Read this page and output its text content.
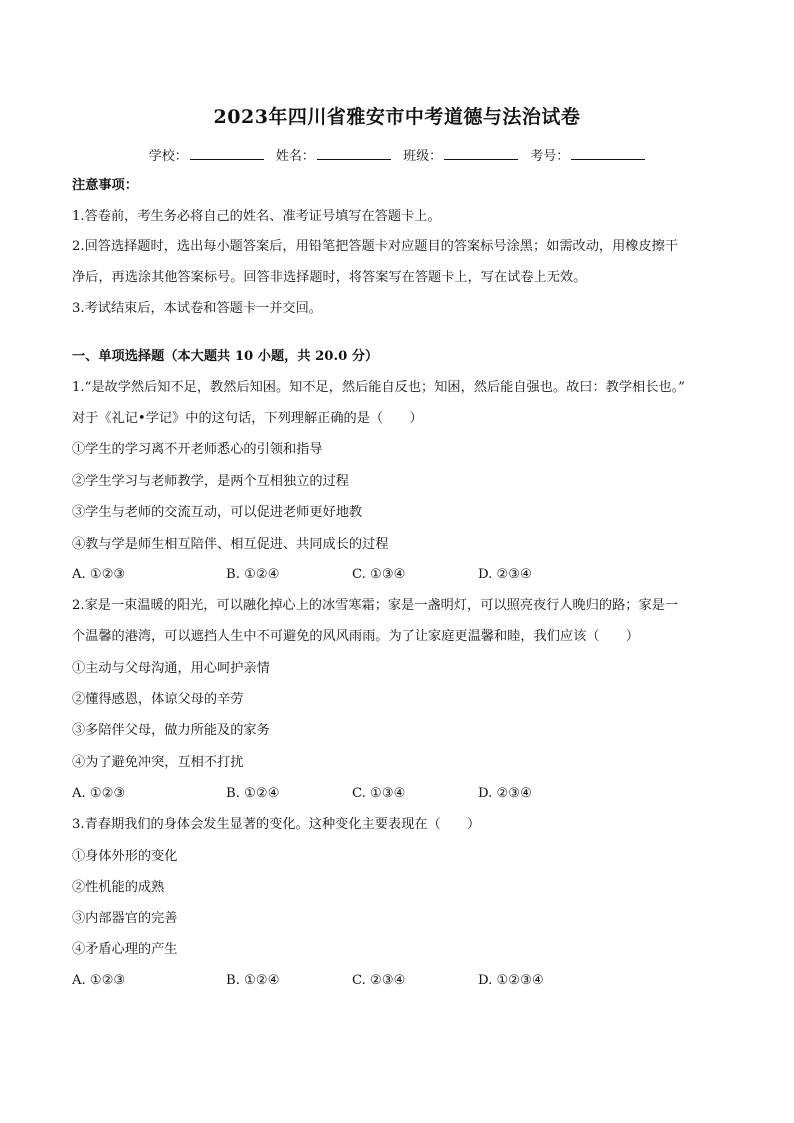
2023年四川省雅安市中考道德与法治试卷
学校：	姓名：	班级：	考号：
注意事项：
1.答卷前，考生务必将自己的姓名、准考证号填写在答题卡上。
2.回答选择题时，选出每小题答案后，用铅笔把答题卡对应题目的答案标号涂黑；如需改动，用橡皮擦干
净后，再选涂其他答案标号。回答非选择题时，将答案写在答题卡上，写在试卷上无效。
3.考试结束后，本试卷和答题卡一并交回。
一、单项选择题（本大题共 10 小题，共 20.0 分）
1.“是故学然后知不足，教然后知困。知不足，然后能自反也；知困，然后能自强也。故曰：教学相长也。”
对于《礼记•学记》中的这句话，下列理解正确的是（　　）
①学生的学习离不开老师悉心的引领和指导
②学生学习与老师教学，是两个互相独立的过程
③学生与老师的交流互动，可以促进老师更好地教
④教与学是师生相互陪伴、相互促进、共同成长的过程
A. ①②③	B. ①②④	C. ①③④	D. ②③④
2.家是一束温暖的阳光，可以融化掉心上的冰雪寒霜；家是一盏明灯，可以照亮夜行人晚归的路；家是一
个温馨的港湾，可以遮挡人生中不可避免的风风雨雨。为了让家庭更温馨和睦，我们应该（　　）
①主动与父母沟通，用心呵护亲情
②懂得感恩，体谅父母的辛劳
③多陪伴父母，做力所能及的家务
④为了避免冲突，互相不打扰
A. ①②③	B. ①②④	C. ①③④	D. ②③④
3.青春期我们的身体会发生显著的变化。这种变化主要表现在（　　）
①身体外形的变化
②性机能的成熟
③内部器官的完善
④矛盾心理的产生
A. ①②③	B. ①②④	C. ②③④	D. ①②③④
